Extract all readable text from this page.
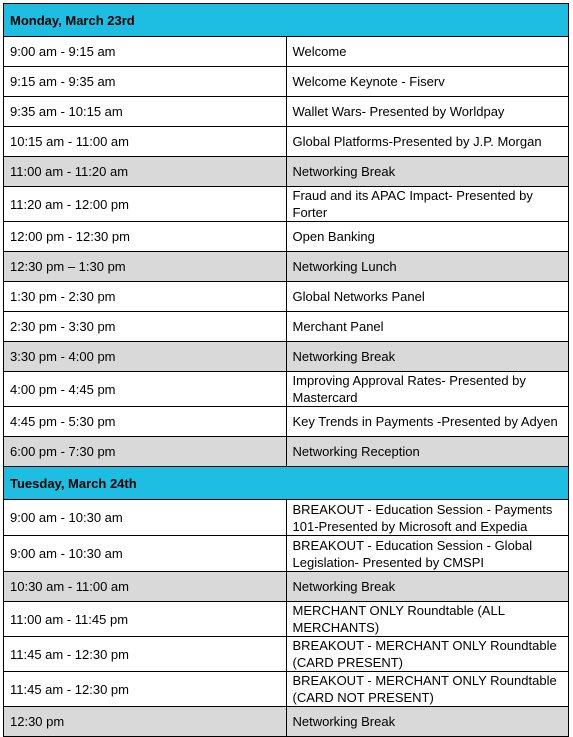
Monday, March 23rd	
9:00 am - 9:15 am	Welcome
9:15 am - 9:35 am	Welcome Keynote - Fiserv
9:35 am - 10:15 am	Wallet Wars- Presented by Worldpay
10:15 am - 11:00 am	Global Platforms-Presented by J.P. Morgan
11:00 am - 11:20 am	Networking Break
11:20 am - 12:00 pm	Fraud and its APAC Impact- Presented by Forter
12:00 pm - 12:30 pm	Open Banking
12:30 pm – 1:30 pm	Networking Lunch
1:30 pm - 2:30 pm	Global Networks Panel
2:30 pm - 3:30 pm	Merchant Panel
3:30 pm - 4:00 pm	Networking Break
4:00 pm - 4:45 pm	Improving Approval Rates- Presented by Mastercard
4:45 pm - 5:30 pm	Key Trends in Payments -Presented by Adyen
6:00 pm - 7:30 pm	Networking Reception
Tuesday, March 24th	
9:00 am - 10:30 am	BREAKOUT - Education Session - Payments 101-Presented by Microsoft and Expedia
9:00 am - 10:30 am	BREAKOUT - Education Session - Global Legislation- Presented by CMSPI
10:30 am - 11:00 am	Networking Break
11:00 am - 11:45 pm	MERCHANT ONLY Roundtable (ALL MERCHANTS)
11:45 am - 12:30 pm	BREAKOUT - MERCHANT ONLY Roundtable (CARD PRESENT)
11:45 am - 12:30 pm	BREAKOUT - MERCHANT ONLY Roundtable (CARD NOT PRESENT)
12:30 pm	Networking Break
